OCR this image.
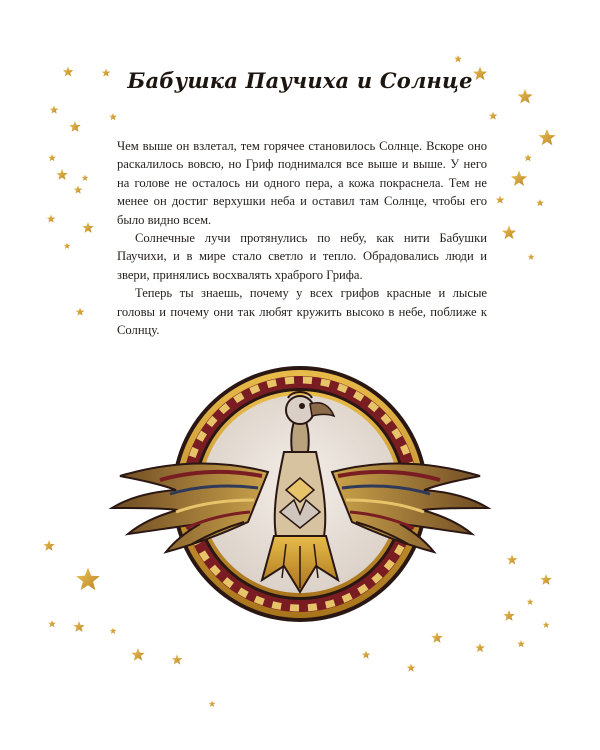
Бабушка Паучиха и Солнце

Чем выше он взлетал, тем горячее становилось Солнце. Вскоре оно раскалилось вовсю, но Гриф поднимался все выше и выше. У него на голове не осталось ни одного пера, а кожа покраснела. Тем не менее он достиг верхушки неба и оставил там Солнце, чтобы его было видно всем.

Солнечные лучи протянулись по небу, как нити Бабушки Паучихи, и в мире стало светло и тепло. Обрадовались люди и звери, принялись восхвалять храброго Грифа.

Теперь ты знаешь, почему у всех грифов красные и лысые головы и почему они так любят кружить высоко в небе, поближе к Солнцу.
